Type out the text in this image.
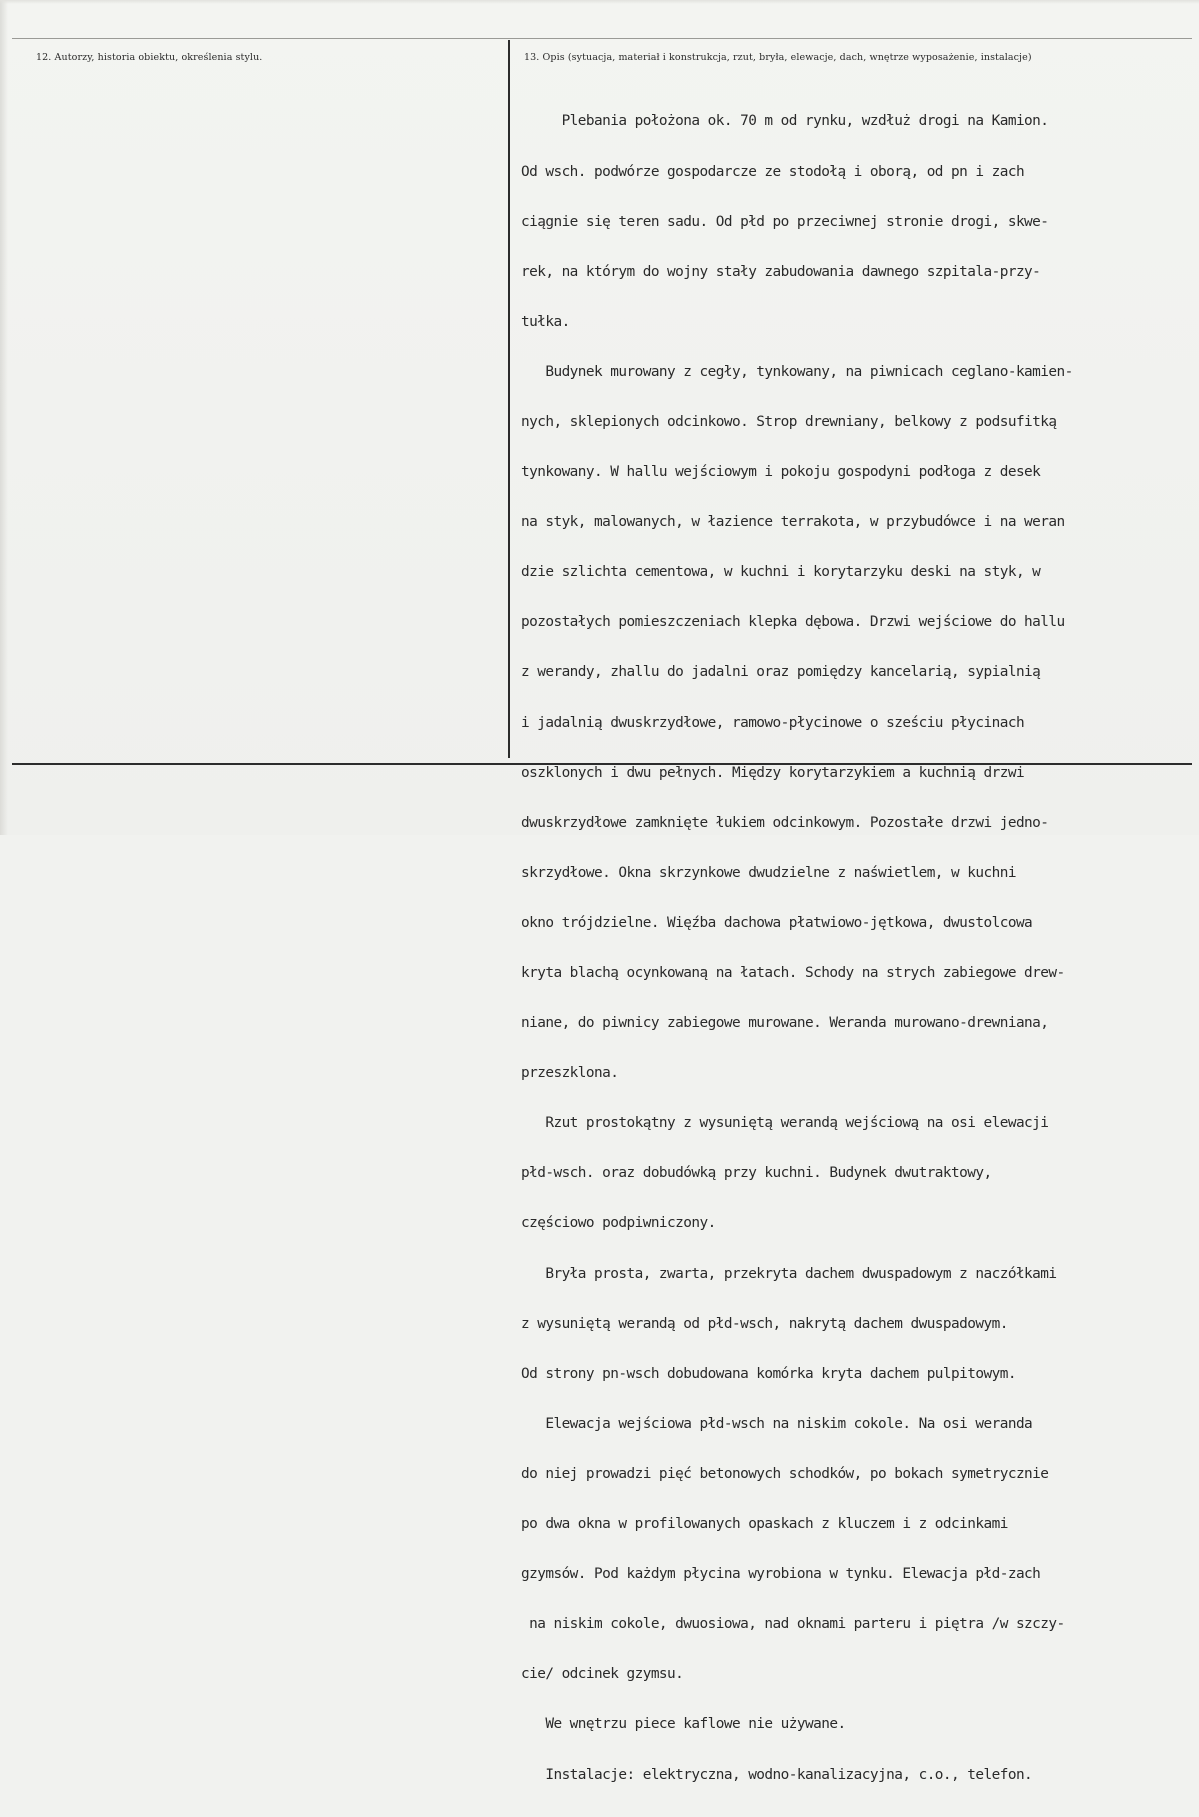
12. Autorzy, historia obiektu, określenia stylu.	13. Opis (sytuacja, materiał i konstrukcja, rzut, bryła, elewacje, dach, wnętrze wyposażenie, instalacje)

Plebania położona ok. 70 m od rynku, wzdłuż drogi na Kamion.

Od wsch. podwórze gospodarcze ze stodołą i oborą, od pn i zach

ciągnie się teren sadu. Od płd po przeciwnej stronie drogi, skwe-

rek, na którym do wojny stały zabudowania dawnego szpitala-przy-

tułka.

Budynek murowany z cegły, tynkowany, na piwnicach ceglano-kamien-

nych, sklepionych odcinkowo. Strop drewniany, belkowy z podsufitką

tynkowany. W hallu wejściowym i pokoju gospodyni podłoga z desek

na styk, malowanych, w łazience terrakota, w przybudówce i na weran

dzie szlichta cementowa, w kuchni i korytarzyku deski na styk, w

pozostałych pomieszczeniach klepka dębowa. Drzwi wejściowe do hallu

z werandy, zhallu do jadalni oraz pomiędzy kancelarią, sypialnią

i jadalnią dwuskrzydłowe, ramowo-płycinowe o sześciu płycinach

oszklonych i dwu pełnych. Między korytarzykiem a kuchnią drzwi

dwuskrzydłowe zamknięte łukiem odcinkowym. Pozostałe drzwi jedno-

skrzydłowe. Okna skrzynkowe dwudzielne z naświetlem, w kuchni

okno trójdzielne. Więźba dachowa płatwiowo-jętkowa, dwustolcowa

kryta blachą ocynkowaną na łatach. Schody na strych zabiegowe drew-

niane, do piwnicy zabiegowe murowane. Weranda murowano-drewniana,

przeszklona.

Rzut prostokątny z wysuniętą werandą wejściową na osi elewacji

płd-wsch. oraz dobudówką przy kuchni. Budynek dwutraktowy,

częściowo podpiwniczony.

Bryła prosta, zwarta, przekryta dachem dwuspadowym z naczółkami

z wysuniętą werandą od płd-wsch, nakrytą dachem dwuspadowym.

Od strony pn-wsch dobudowana komórka kryta dachem pulpitowym.

Elewacja wejściowa płd-wsch na niskim cokole. Na osi weranda

do niej prowadzi pięć betonowych schodków, po bokach symetrycznie

po dwa okna w profilowanych opaskach z kluczem i z odcinkami

gzymsów. Pod każdym płycina wyrobiona w tynku. Elewacja płd-zach

na niskim cokole, dwuosiowa, nad oknami parteru i piętra /w szczy-

cie/ odcinek gzymsu.

We wnętrzu piece kaflowe nie używane.

Instalacje: elektryczna, wodno-kanalizacyjna, c.o., telefon.
